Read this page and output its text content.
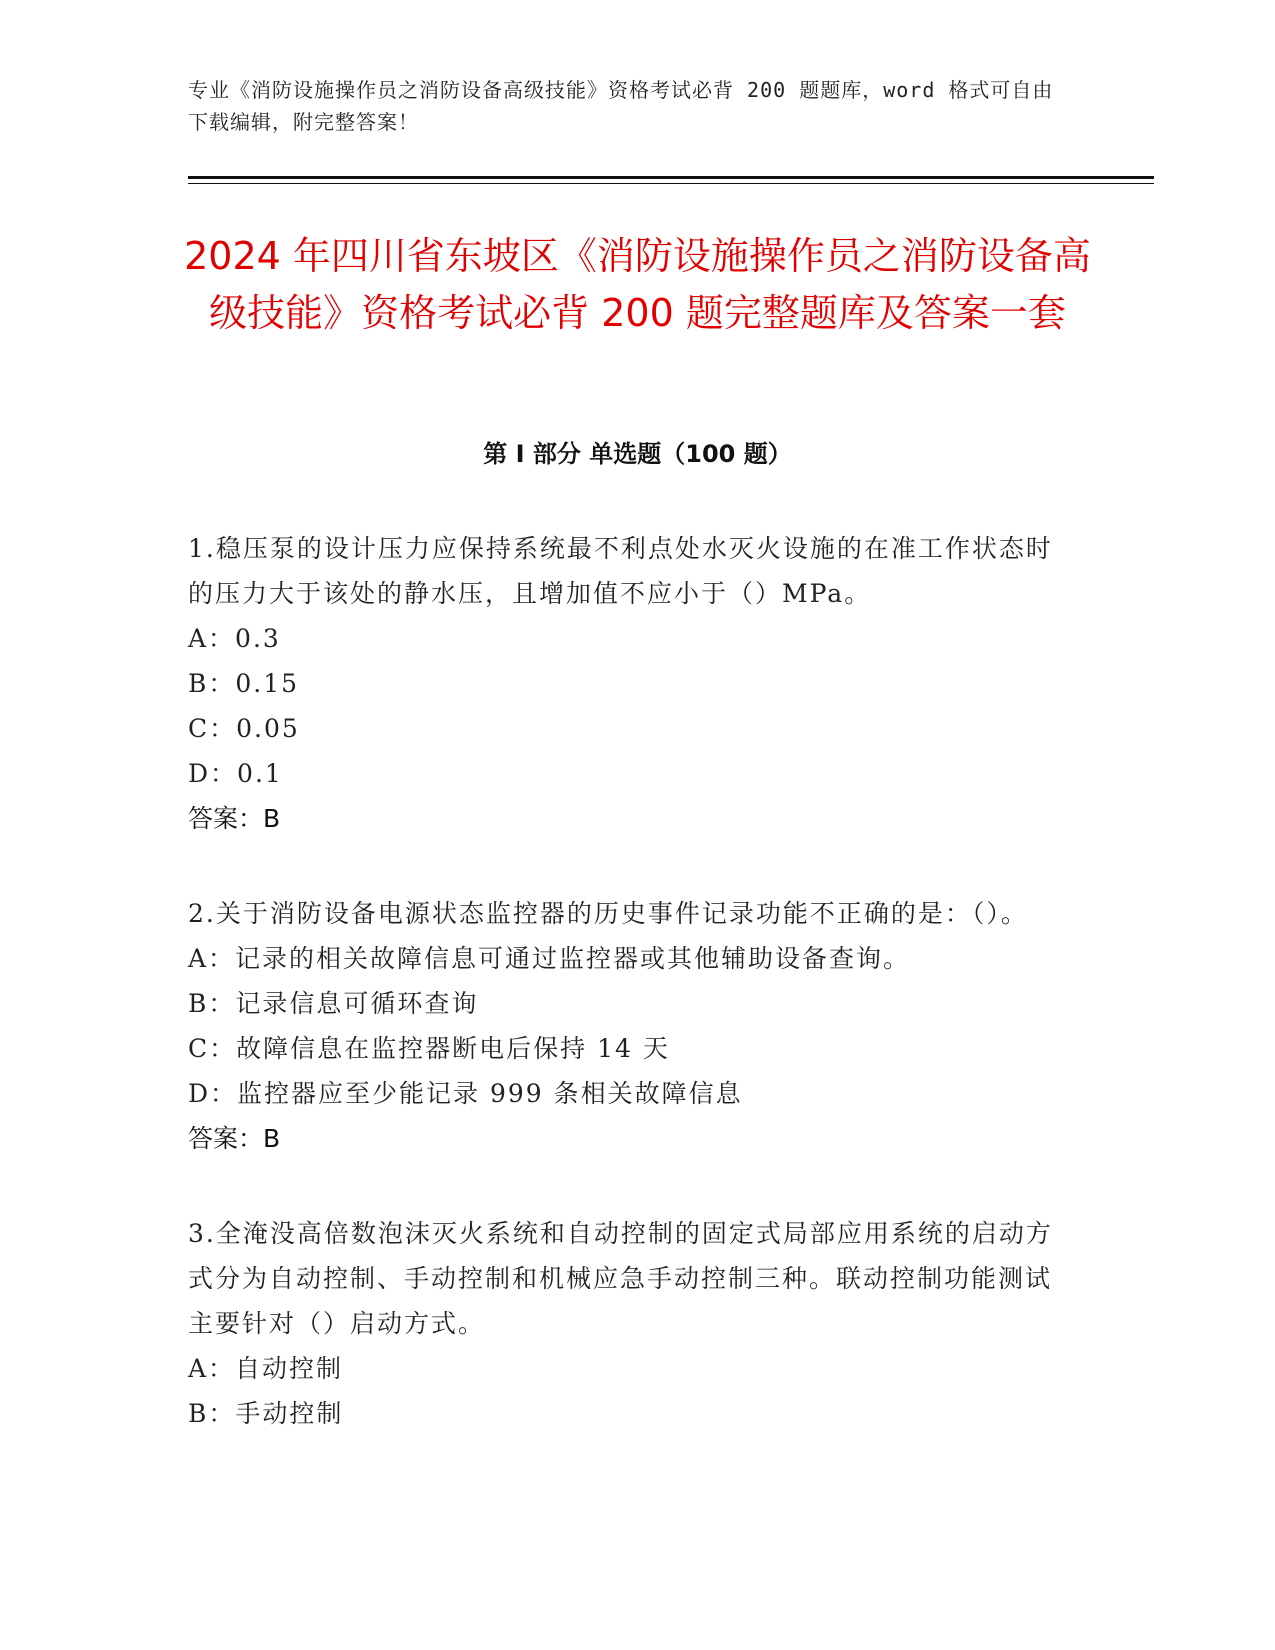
专业《消防设施操作员之消防设备高级技能》资格考试必背 200 题题库，word 格式可自由下载编辑，附完整答案！
2024 年四川省东坡区《消防设施操作员之消防设备高级技能》资格考试必背 200 题完整题库及答案一套
第 I 部分 单选题（100 题）

1.稳压泵的设计压力应保持系统最不利点处水灭火设施的在准工作状态时的压力大于该处的静水压，且增加值不应小于（）MPa。

A：0.3

B：0.15

C：0.05

D：0.1

答案：B

2.关于消防设备电源状态监控器的历史事件记录功能不正确的是：（）。

A：记录的相关故障信息可通过监控器或其他辅助设备查询。

B：记录信息可循环查询

C：故障信息在监控器断电后保持 14 天

D：监控器应至少能记录 999 条相关故障信息

答案：B

3.全淹没高倍数泡沫灭火系统和自动控制的固定式局部应用系统的启动方式分为自动控制、手动控制和机械应急手动控制三种。联动控制功能测试主要针对（）启动方式。

A：自动控制

B：手动控制
